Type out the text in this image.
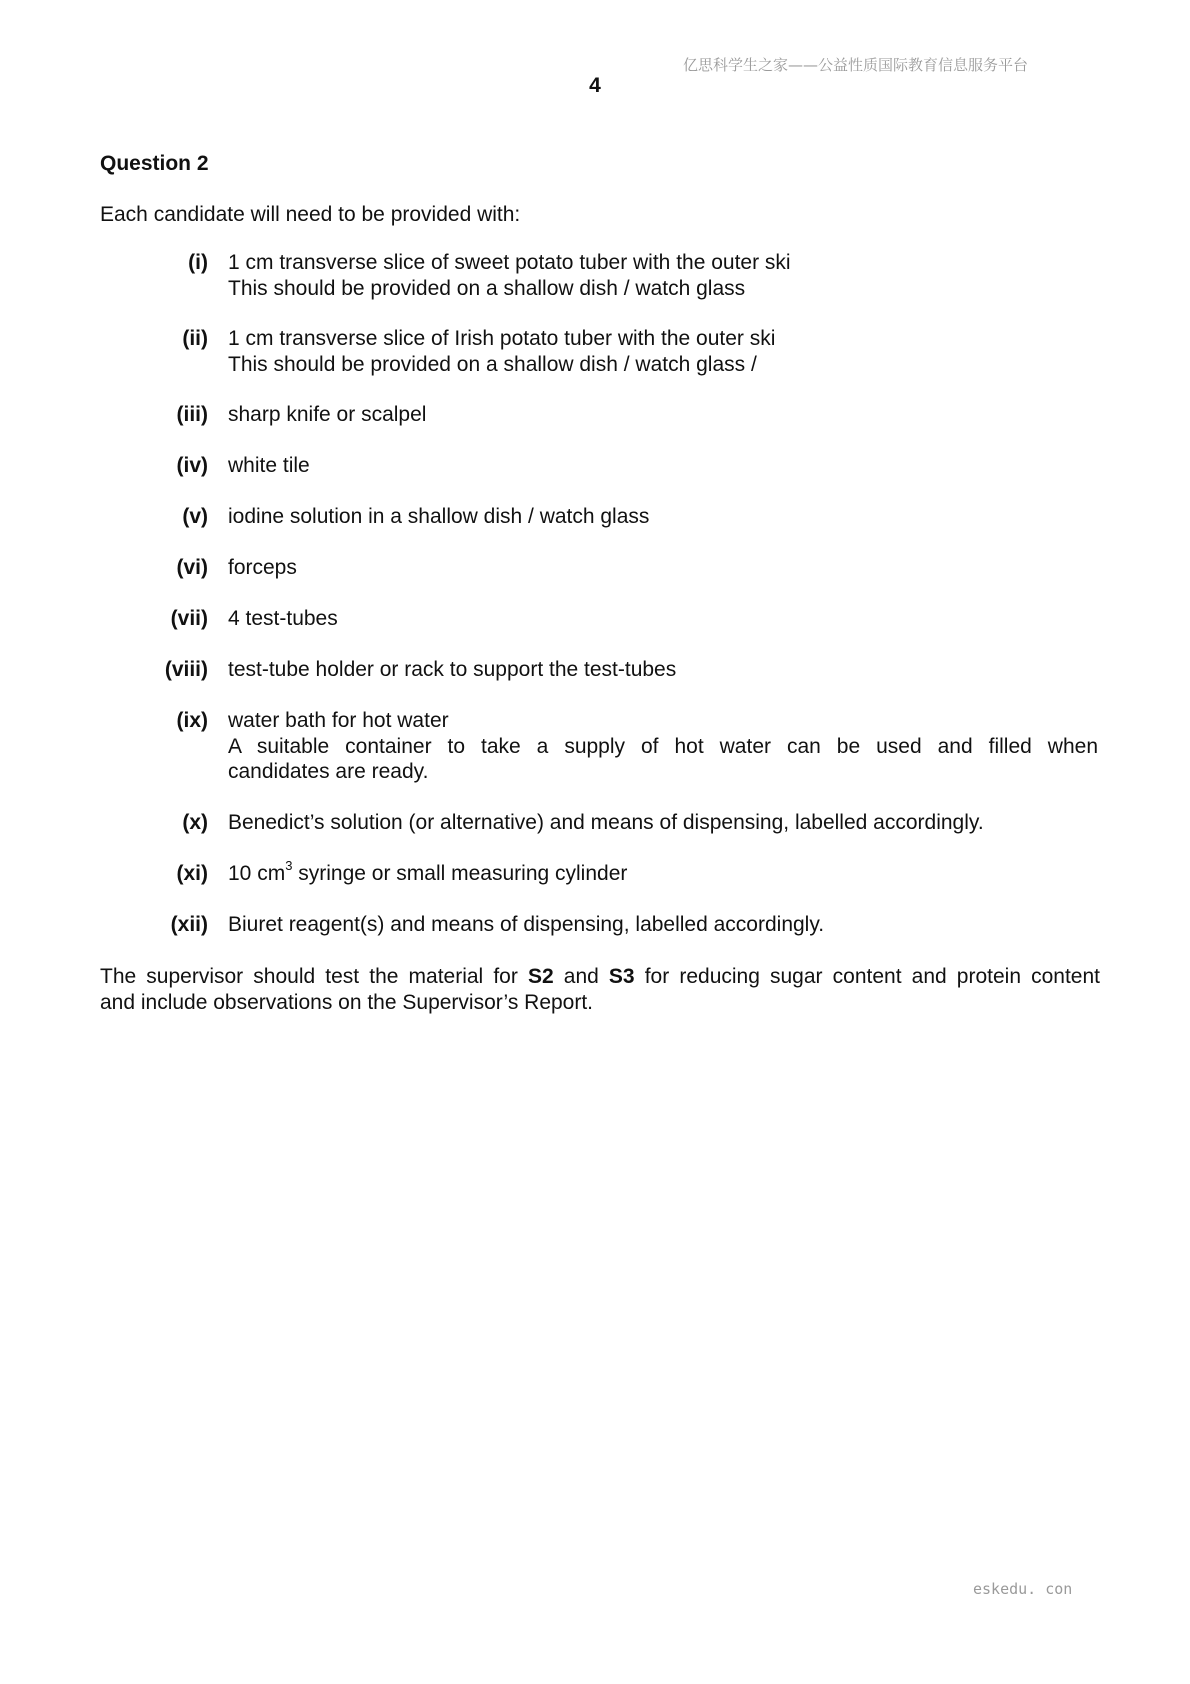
亿思科学生之家——公益性质国际教育信息服务平台
4
Question 2
Each candidate will need to be provided with:
(i) 1 cm transverse slice of sweet potato tuber with the outer ski
This should be provided on a shallow dish / watch glass
(ii) 1 cm transverse slice of Irish potato tuber with the outer ski
This should be provided on a shallow dish / watch glass /
(iii) sharp knife or scalpel
(iv) white tile
(v) iodine solution in a shallow dish / watch glass
(vi) forceps
(vii) 4 test-tubes
(viii) test-tube holder or rack to support the test-tubes
(ix) water bath for hot water
A suitable container to take a supply of hot water can be used and filled when
candidates are ready.
(x) Benedict’s solution (or alternative) and means of dispensing, labelled accordingly.
(xi) 10 $cm^3$ syringe or small measuring cylinder
(xii) Biuret reagent(s) and means of dispensing, labelled accordingly.
The supervisor should test the material for S2 and S3 for reducing sugar content and protein content
and include observations on the Supervisor’s Report.
eskedu. con
